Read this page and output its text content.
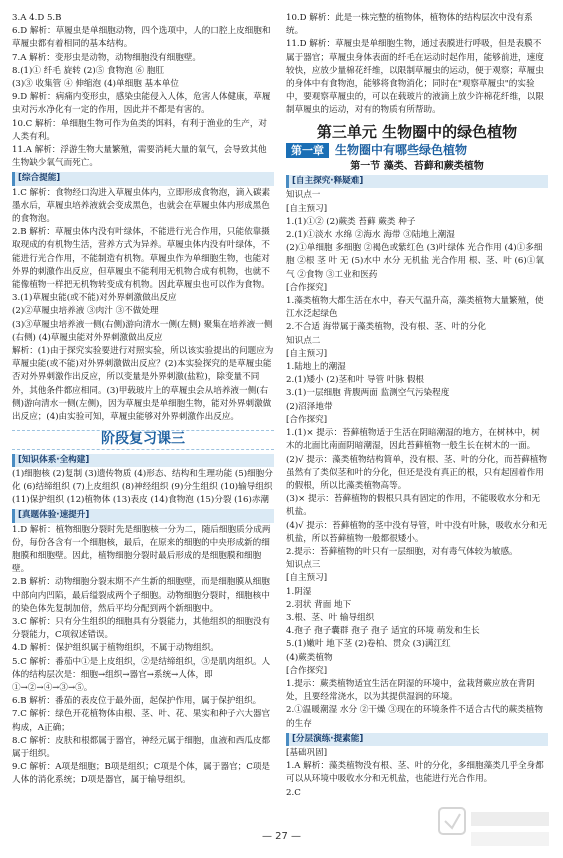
3.A 4.D 5.B
6.D 解析：草履虫是单细胞动物，四个选项中，人的口腔上皮细胞和草履虫都有着相同的基本结构。
7.A 解析：变形虫是动物，动物细胞没有细胞壁。
8.(1)① 纤毛 旋转 (2)⑤ 食物泡 ⑥ 胞肛
(3)③ 收集管 ④ 伸缩泡 (4)单细胞 基本单位
9.D 解析：病痛内变形虫，感染虫能侵入人体，危害人体健康，草履虫对污水净化有一定的作用，因此并不都是有害的。
10.C 解析：单细胞生物可作为鱼类的饵料，有利于渔业的生产，对人类有利。
11.A 解析：浮游生物大量繁殖，需要消耗大量的氧气，会导致其他生物缺少氧气而死亡。
[综合提能]
1.C 解析：食物经口沟进入草履虫体内，立即形成食物泡，滴入碳素墨水后，草履虫培养液就会变成黑色，也就会在草履虫体内形成黑色的食物泡。
2.B 解析：草履虫体内没有叶绿体，不能进行光合作用，只能依靠摄取现成的有机物生活，营养方式为异养。草履虫体内没有叶绿体，不能进行光合作用，不能制造有机物。草履虫作为单细胞生物，也能对外界的刺激作出反应，但草履虫不能利用无机物合成有机物，也就不能像植物一样把无机物转变成有机物。因此草履虫也可以作为食物。
3.(1)草履虫能(或不能)对外界刺激做出反应
(2)②草履虫培养液 ③肉汁 ③不做处理
(3)③草履虫培养液一侧(右侧)游向清水一侧(左侧) 聚集在培养液一侧(右侧) (4)草履虫能对外界刺激做出反应
解析：(1)由于探究实验要进行对照实验，所以该实验提出的问题应为草履虫能(或不能)对外界刺激做出反应？(2)本实验探究的是草履虫能否对外界刺激作出反应，所以变量是外界刺激(盐粒)，除变量不同外，其他条件都应相同。(3)甲载玻片上的草履虫会从培养液一侧(右侧)游向清水一侧(左侧)，因为草履虫是单细胞生物，能对外界刺激做出反应；(4)由实验可知，草履虫能够对外界刺激作出反应。
阶段复习课三
[知识体系·全构建]
(1)细胞核 (2)复制 (3)遗传物质 (4)形态、结构和生理功能 (5)细胞分化 (6)结缔组织 (7)上皮组织 (8)神经组织 (9)分生组织 (10)输导组织 (11)保护组织 (12)植物体 (13)表皮 (14)食物泡 (15)分裂 (16)赤潮
[真题体验·速提升]
1.D 解析：植物细胞分裂时先是细胞核一分为二，随后细胞质分成两份，每份各含有一个细胞核，最后，在原来的细胞的中央形成新的细胞膜和细胞壁。因此，植物细胞分裂时最后形成的是细胞膜和细胞壁。
2.B 解析：动物细胞分裂末期不产生新的细胞壁，而是细胞膜从细胞中部向内凹陷，最后缢裂成两个子细胞。动物细胞分裂时，细胞核中的染色体先复制加倍，然后平均分配到两个新细胞中。
3.C 解析：只有分生组织的细胞具有分裂能力，其他组织的细胞没有分裂能力，C项叙述错误。
4.D 解析：保护组织属于植物组织，不属于动物组织。
5.C 解析：番茄中①是上皮组织，②是结缔组织，③是肌肉组织。人体的结构层次是：细胞→组织→器官→系统→人体，即①→②→④→③→⑤。
6.B 解析：番茄的表皮位于最外面，起保护作用，属于保护组织。
7.C 解析：绿色开花植物体由根、茎、叶、花、果实和种子六大器官构成，A正确；
8.C 解析：皮肤和根都属于器官，神经元属于细胞，血液和西瓜皮都属于组织。
9.C 解析：A项是细胞；B项是组织；C项是个体，属于器官；C项是人体的消化系统；D项是器官，属于输导组织。
10.D 解析：此是一株完整的植物体，植物体的结构层次中没有系统。
11.D 解析：草履虫是单细胞生物，通过表膜进行呼吸，但是表膜不属于器官；草履虫身体表面的纤毛在运动时起作用，能够前进，速度较快，应放少量棉花纤维，以限制草履虫的运动，便于观察；草履虫的身体中有食物泡，能够将食物消化；同时在"观察草履虫"的实验中，要观察草履虫的，可以在载玻片的液滴上放少许棉花纤维，以限制草履虫的运动，对有的物质有所帮助。
第三单元 生物圈中的绿色植物
第一章 生物圈中有哪些绿色植物
第一节 藻类、苔藓和蕨类植物
[自主探究·释疑难]
知识点一
[自主预习]
1.(1)①② (2)蕨类 苔藓 蕨类 种子
2.(1)①淡水 水绵 ②海水 海带 ③陆地上潮湿
(2)①单细胞 多细胞 ②褐色或紫红色 (3)叶绿体 光合作用 (4)①多细胞 ②根 茎 叶 无 (5)水中 水分 无机盐 光合作用 根、茎、叶 (6)①氧气 ②食物 ③工业和医药
[合作探究]
1.藻类植物大都生活在水中，春天气温升高，藻类植物大量繁殖，使江水泛起绿色
2.不合适 海带属于藻类植物，没有根、茎、叶的分化
知识点二
[自主预习]
1.陆地上的潮湿
2.(1)矮小 (2)茎和叶 导管 叶脉 假根
3.(1)一层细胞 背腹两面 监测空气污染程度
(2)沼泽地带
[合作探究]
1.(1)× 提示：苔藓植物适于生活在阴暗潮湿的地方，在树林中，树木的北面比南面阴暗潮湿，因此苔藓植物一般生长在树木的一面。
(2)√ 提示：藻类植物结构简单，没有根、茎、叶的分化，而苔藓植物虽然有了类似茎和叶的分化，但还是没有真正的根，只有起固着作用的假根，所以比藻类植物高等。
(3)× 提示：苔藓植物的假根只具有固定的作用，不能吸收水分和无机盐。
(4)√ 提示：苔藓植物的茎中没有导管，叶中没有叶脉，吸收水分和无机盐，所以苔藓植物一般都很矮小。
2.提示：苔藓植物的叶只有一层细胞，对有毒气体较为敏感。
知识点三
[自主预习]
1.阴湿
2.羽状 背面 地下
3.根、茎、叶 输导组织
4.孢子 孢子囊群 孢子 孢子 适宜的环境 萌发和生长
5.(1)嫩叶 地下茎 (2)卷柏、贯众 (3)满江红
(4)蕨类植物
[合作探究]
1.提示：蕨类植物适宜生活在阴湿的环境中，盆栽肾蕨应放在背阴处，且要经常浇水，以为其提供湿润的环境。
2.①温暖潮湿 水分 ②干燥 ③现在的环境条件不适合古代的蕨类植物的生存
[分层演练·提素能]
[基础巩固]
1.A 解析：藻类植物没有根、茎、叶的分化，多细胞藻类几乎全身都可以从环境中吸收水分和无机盐，也能进行光合作用。
2.C
— 27 —
